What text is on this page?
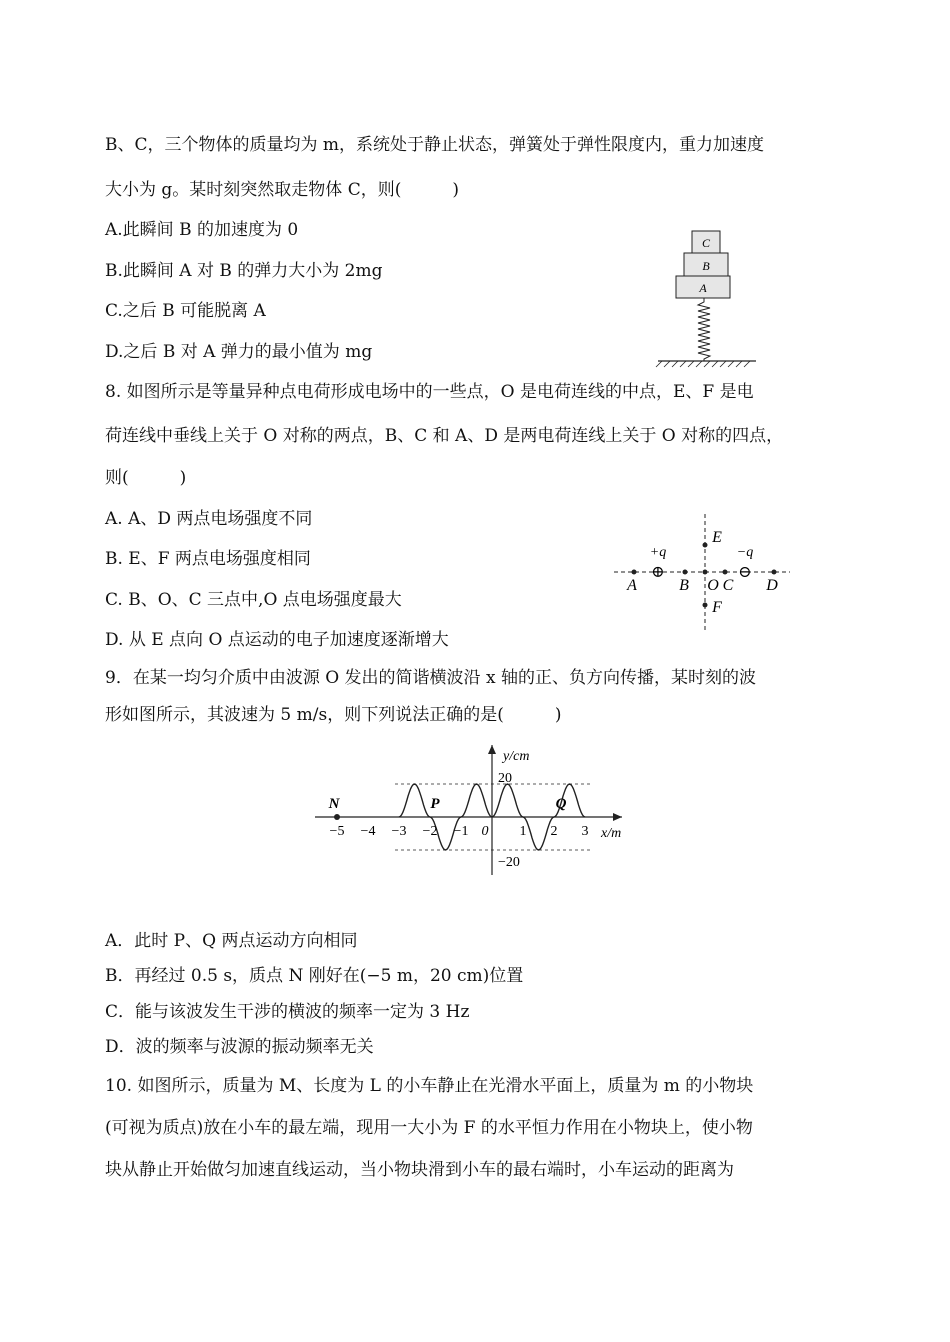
B、C，三个物体的质量均为 m，系统处于静止状态，弹簧处于弹性限度内，重力加速度
大小为 g。某时刻突然取走物体 C，则(　　　)
A.此瞬间 B 的加速度为 0
B.此瞬间 A 对 B 的弹力大小为 2mg
C.之后 B 可能脱离 A
D.之后 B 对 A 弹力的最小值为 mg
C
B
A
8. 如图所示是等量异种点电荷形成电场中的一些点，O 是电荷连线的中点，E、F 是电
荷连线中垂线上关于 O 对称的两点，B、C 和 A、D 是两电荷连线上关于 O 对称的四点，
则(　　　)
A. A、D 两点电场强度不同
B. E、F 两点电场强度相同
C. B、O、C 三点中,O 点电场强度最大
D. 从 E 点向 O 点运动的电子加速度逐渐增大
⊕	⊖
+q	−q
A	B O C D
E
F
9．在某一均匀介质中由波源 O 发出的简谐横波沿 x 轴的正、负方向传播，某时刻的波
形如图所示，其波速为 5 m/s，则下列说法正确的是(　　　)
y/cm
x/m
20
−20
−5 −4 −3 −2 −1 0 1 2 3
N	P	Q
A．此时 P、Q 两点运动方向相同
B．再经过 0.5 s，质点 N 刚好在(−5 m，20 cm)位置
C．能与该波发生干涉的横波的频率一定为 3 Hz
D．波的频率与波源的振动频率无关
10. 如图所示，质量为 M、长度为 L 的小车静止在光滑水平面上，质量为 m 的小物块
(可视为质点)放在小车的最左端，现用一大小为 F 的水平恒力作用在小物块上，使小物
块从静止开始做匀加速直线运动，当小物块滑到小车的最右端时，小车运动的距离为
